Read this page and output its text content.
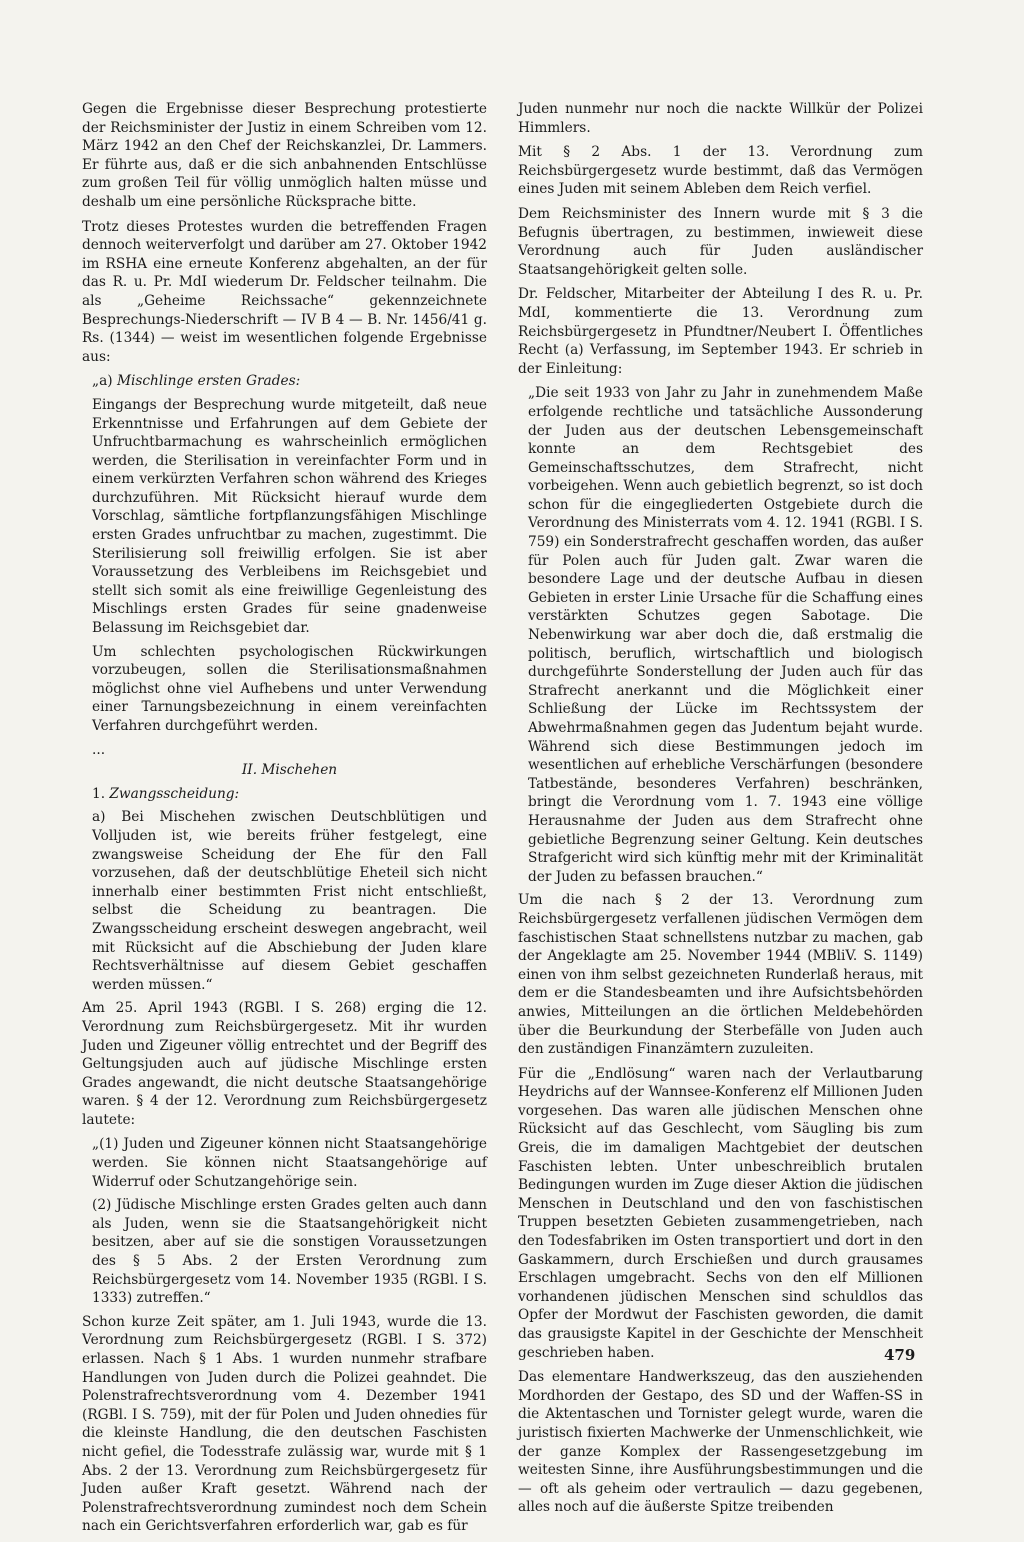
Gegen die Ergebnisse dieser Besprechung protestierte der Reichsminister der Justiz in einem Schreiben vom 12. März 1942 an den Chef der Reichskanzlei, Dr. Lammers. Er führte aus, daß er die sich anbahnenden Entschlüsse zum großen Teil für völlig unmöglich halten müsse und deshalb um eine persönliche Rücksprache bitte.

Trotz dieses Protestes wurden die betreffenden Fragen dennoch weiterverfolgt und darüber am 27. Oktober 1942 im RSHA eine erneute Konferenz abgehalten, an der für das R. u. Pr. MdI wiederum Dr. Feldscher teilnahm. Die als „Geheime Reichssache“ gekennzeichnete Besprechungs-Niederschrift — IV B 4 — B. Nr. 1456/41 g. Rs. (1344) — weist im wesentlichen folgende Ergebnisse aus:

„a) Mischlinge ersten Grades:

Eingangs der Besprechung wurde mitgeteilt, daß neue Erkenntnisse und Erfahrungen auf dem Gebiete der Unfruchtbarmachung es wahrscheinlich ermöglichen werden, die Sterilisation in vereinfachter Form und in einem verkürzten Verfahren schon während des Krieges durchzuführen. Mit Rücksicht hierauf wurde dem Vorschlag, sämtliche fortpflanzungsfähigen Mischlinge ersten Grades unfruchtbar zu machen, zugestimmt. Die Sterilisierung soll freiwillig erfolgen. Sie ist aber Voraussetzung des Verbleibens im Reichsgebiet und stellt sich somit als eine freiwillige Gegenleistung des Mischlings ersten Grades für seine gnadenweise Belassung im Reichsgebiet dar.

Um schlechten psychologischen Rückwirkungen vorzubeugen, sollen die Sterilisationsmaßnahmen möglichst ohne viel Aufhebens und unter Verwendung einer Tarnungsbezeichnung in einem vereinfachten Verfahren durchgeführt werden.

...

II. Mischehen

1. Zwangsscheidung:

a) Bei Mischehen zwischen Deutschblütigen und Volljuden ist, wie bereits früher festgelegt, eine zwangsweise Scheidung der Ehe für den Fall vorzusehen, daß der deutschblütige Eheteil sich nicht innerhalb einer bestimmten Frist nicht entschließt, selbst die Scheidung zu beantragen. Die Zwangsscheidung erscheint deswegen angebracht, weil mit Rücksicht auf die Abschiebung der Juden klare Rechtsverhältnisse auf diesem Gebiet geschaffen werden müssen.“

Am 25. April 1943 (RGBl. I S. 268) erging die 12. Verordnung zum Reichsbürgergesetz. Mit ihr wurden Juden und Zigeuner völlig entrechtet und der Begriff des Geltungsjuden auch auf jüdische Mischlinge ersten Grades angewandt, die nicht deutsche Staatsangehörige waren. § 4 der 12. Verordnung zum Reichsbürgergesetz lautete:

„(1) Juden und Zigeuner können nicht Staatsangehörige werden. Sie können nicht Staatsangehörige auf Widerruf oder Schutzangehörige sein.

(2) Jüdische Mischlinge ersten Grades gelten auch dann als Juden, wenn sie die Staatsangehörigkeit nicht besitzen, aber auf sie die sonstigen Voraussetzungen des § 5 Abs. 2 der Ersten Verordnung zum Reichsbürgergesetz vom 14. November 1935 (RGBl. I S. 1333) zutreffen.“

Schon kurze Zeit später, am 1. Juli 1943, wurde die 13. Verordnung zum Reichsbürgergesetz (RGBl. I S. 372) erlassen. Nach § 1 Abs. 1 wurden nunmehr strafbare Handlungen von Juden durch die Polizei geahndet. Die Polenstrafrechtsverordnung vom 4. Dezember 1941 (RGBl. I S. 759), mit der für Polen und Juden ohnedies für die kleinste Handlung, die den deutschen Faschisten nicht gefiel, die Todesstrafe zulässig war, wurde mit § 1 Abs. 2 der 13. Verordnung zum Reichsbürgergesetz für Juden außer Kraft gesetzt. Während nach der Polenstrafrechtsverordnung zumindest noch dem Schein nach ein Gerichtsverfahren erforderlich war, gab es für

Juden nunmehr nur noch die nackte Willkür der Polizei Himmlers.

Mit § 2 Abs. 1 der 13. Verordnung zum Reichsbürgergesetz wurde bestimmt, daß das Vermögen eines Juden mit seinem Ableben dem Reich verfiel.

Dem Reichsminister des Innern wurde mit § 3 die Befugnis übertragen, zu bestimmen, inwieweit diese Verordnung auch für Juden ausländischer Staatsangehörigkeit gelten solle.

Dr. Feldscher, Mitarbeiter der Abteilung I des R. u. Pr. MdI, kommentierte die 13. Verordnung zum Reichsbürgergesetz in Pfundtner/Neubert I. Öffentliches Recht (a) Verfassung, im September 1943. Er schrieb in der Einleitung:

„Die seit 1933 von Jahr zu Jahr in zunehmendem Maße erfolgende rechtliche und tatsächliche Aussonderung der Juden aus der deutschen Lebensgemeinschaft konnte an dem Rechtsgebiet des Gemeinschaftsschutzes, dem Strafrecht, nicht vorbeigehen. Wenn auch gebietlich begrenzt, so ist doch schon für die eingegliederten Ostgebiete durch die Verordnung des Ministerrats vom 4. 12. 1941 (RGBl. I S. 759) ein Sonderstrafrecht geschaffen worden, das außer für Polen auch für Juden galt. Zwar waren die besondere Lage und der deutsche Aufbau in diesen Gebieten in erster Linie Ursache für die Schaffung eines verstärkten Schutzes gegen Sabotage. Die Nebenwirkung war aber doch die, daß erstmalig die politisch, beruflich, wirtschaftlich und biologisch durchgeführte Sonderstellung der Juden auch für das Strafrecht anerkannt und die Möglichkeit einer Schließung der Lücke im Rechtssystem der Abwehrmaßnahmen gegen das Judentum bejaht wurde. Während sich diese Bestimmungen jedoch im wesentlichen auf erhebliche Verschärfungen (besondere Tatbestände, besonderes Verfahren) beschränken, bringt die Verordnung vom 1. 7. 1943 eine völlige Herausnahme der Juden aus dem Strafrecht ohne gebietliche Begrenzung seiner Geltung. Kein deutsches Strafgericht wird sich künftig mehr mit der Kriminalität der Juden zu befassen brauchen.“

Um die nach § 2 der 13. Verordnung zum Reichsbürgergesetz verfallenen jüdischen Vermögen dem faschistischen Staat schnellstens nutzbar zu machen, gab der Angeklagte am 25. November 1944 (MBliV. S. 1149) einen von ihm selbst gezeichneten Runderlaß heraus, mit dem er die Standesbeamten und ihre Aufsichtsbehörden anwies, Mitteilungen an die örtlichen Meldebehörden über die Beurkundung der Sterbefälle von Juden auch den zuständigen Finanzämtern zuzuleiten.

Für die „Endlösung“ waren nach der Verlautbarung Heydrichs auf der Wannsee-Konferenz elf Millionen Juden vorgesehen. Das waren alle jüdischen Menschen ohne Rücksicht auf das Geschlecht, vom Säugling bis zum Greis, die im damaligen Machtgebiet der deutschen Faschisten lebten. Unter unbeschreiblich brutalen Bedingungen wurden im Zuge dieser Aktion die jüdischen Menschen in Deutschland und den von faschistischen Truppen besetzten Gebieten zusammengetrieben, nach den Todesfabriken im Osten transportiert und dort in den Gaskammern, durch Erschießen und durch grausames Erschlagen umgebracht. Sechs von den elf Millionen vorhandenen jüdischen Menschen sind schuldlos das Opfer der Mordwut der Faschisten geworden, die damit das grausigste Kapitel in der Geschichte der Menschheit geschrieben haben.

Das elementare Handwerkszeug, das den ausziehenden Mordhorden der Gestapo, des SD und der Waffen-SS in die Aktentaschen und Tornister gelegt wurde, waren die juristisch fixierten Machwerke der Unmenschlichkeit, wie der ganze Komplex der Rassengesetzgebung im weitesten Sinne, ihre Ausführungsbestimmungen und die — oft als geheim oder vertraulich — dazu gegebenen, alles noch auf die äußerste Spitze treibenden

479
